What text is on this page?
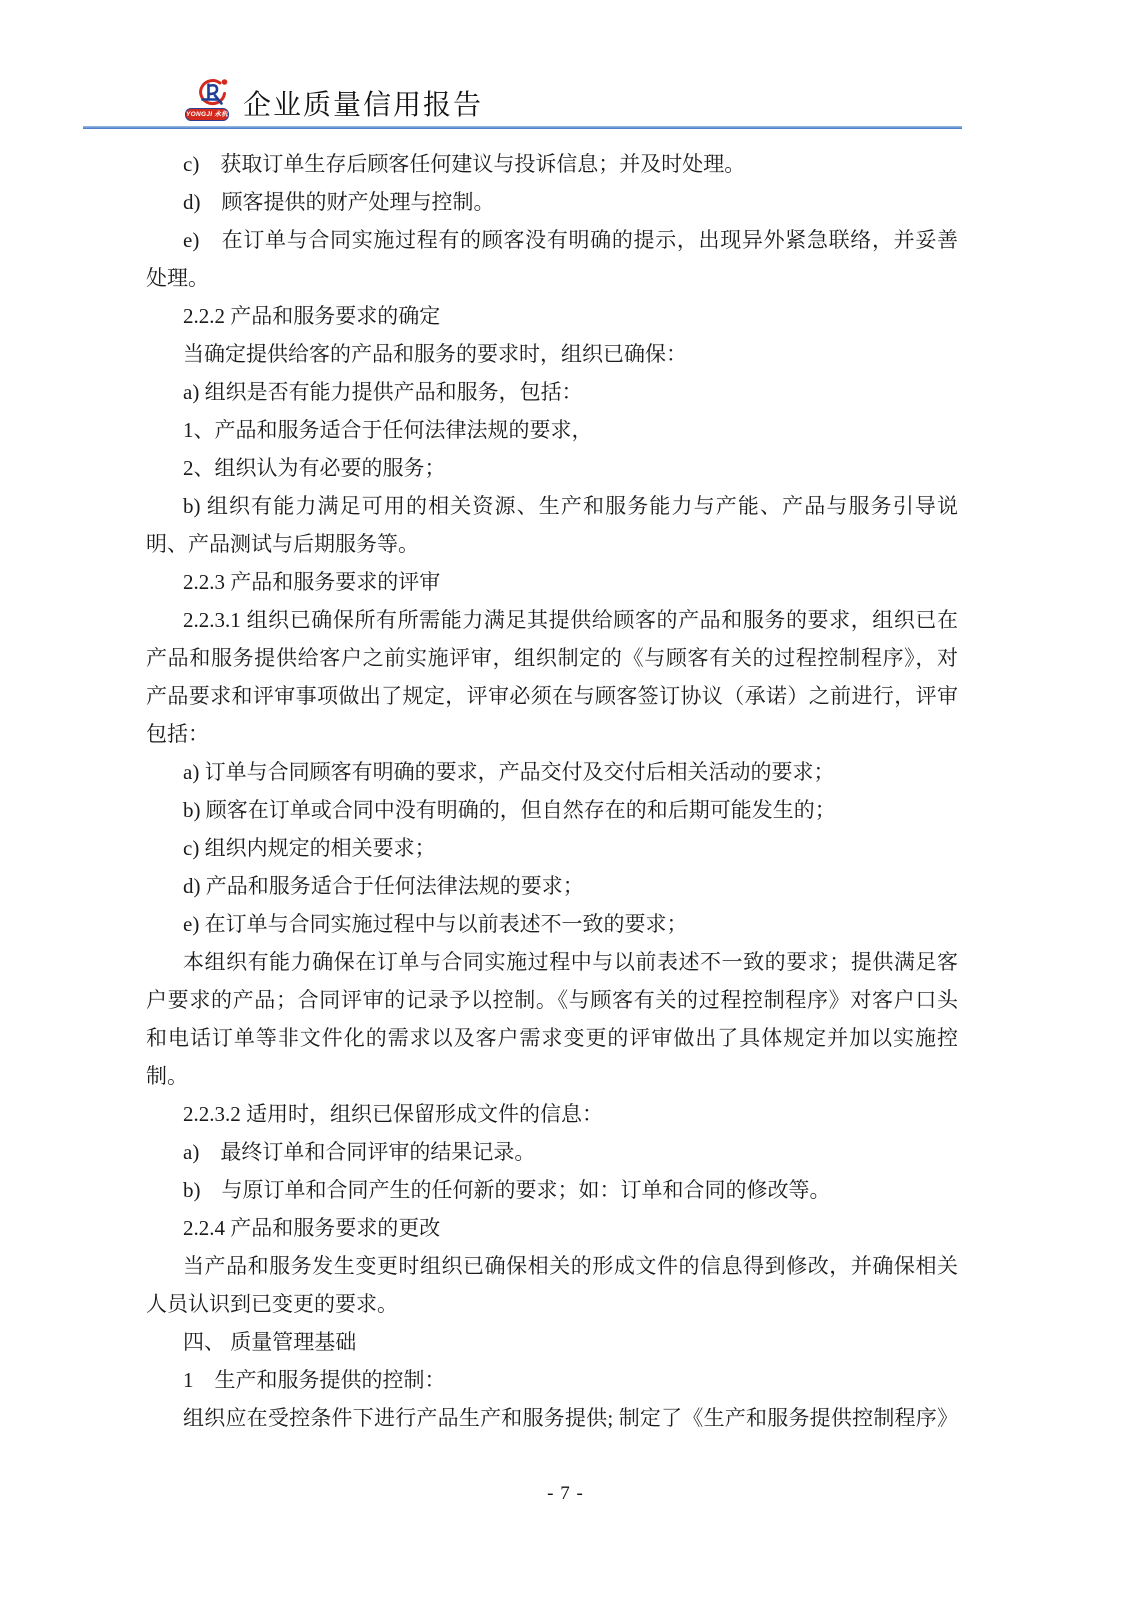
YONGJI 永机 企业质量信用报告
c)　获取订单生存后顾客任何建议与投诉信息；并及时处理。
d)　顾客提供的财产处理与控制。
e)　在订单与合同实施过程有的顾客没有明确的提示，出现异外紧急联络，并妥善
处理。
2.2.2 产品和服务要求的确定
当确定提供给客的产品和服务的要求时，组织已确保：
a) 组织是否有能力提供产品和服务，包括：
1、产品和服务适合于任何法律法规的要求，
2、组织认为有必要的服务；
b) 组织有能力满足可用的相关资源、生产和服务能力与产能、产品与服务引导说
明、产品测试与后期服务等。
2.2.3 产品和服务要求的评审
2.2.3.1 组织已确保所有所需能力满足其提供给顾客的产品和服务的要求，组织已在
产品和服务提供给客户之前实施评审，组织制定的《与顾客有关的过程控制程序》，对
产品要求和评审事项做出了规定，评审必须在与顾客签订协议（承诺）之前进行，评审
包括：
a) 订单与合同顾客有明确的要求，产品交付及交付后相关活动的要求；
b) 顾客在订单或合同中没有明确的，但自然存在的和后期可能发生的；
c) 组织内规定的相关要求；
d) 产品和服务适合于任何法律法规的要求；
e) 在订单与合同实施过程中与以前表述不一致的要求；
本组织有能力确保在订单与合同实施过程中与以前表述不一致的要求；提供满足客
户要求的产品；合同评审的记录予以控制。《与顾客有关的过程控制程序》对客户口头
和电话订单等非文件化的需求以及客户需求变更的评审做出了具体规定并加以实施控
制。
2.2.3.2 适用时，组织已保留形成文件的信息：
a)　最终订单和合同评审的结果记录。
b)　与原订单和合同产生的任何新的要求；如：订单和合同的修改等。
2.2.4 产品和服务要求的更改
当产品和服务发生变更时组织已确保相关的形成文件的信息得到修改，并确保相关
人员认识到已变更的要求。
四、 质量管理基础
1　生产和服务提供的控制：
组织应在受控条件下进行产品生产和服务提供; 制定了《生产和服务提供控制程序》
- 7 -
